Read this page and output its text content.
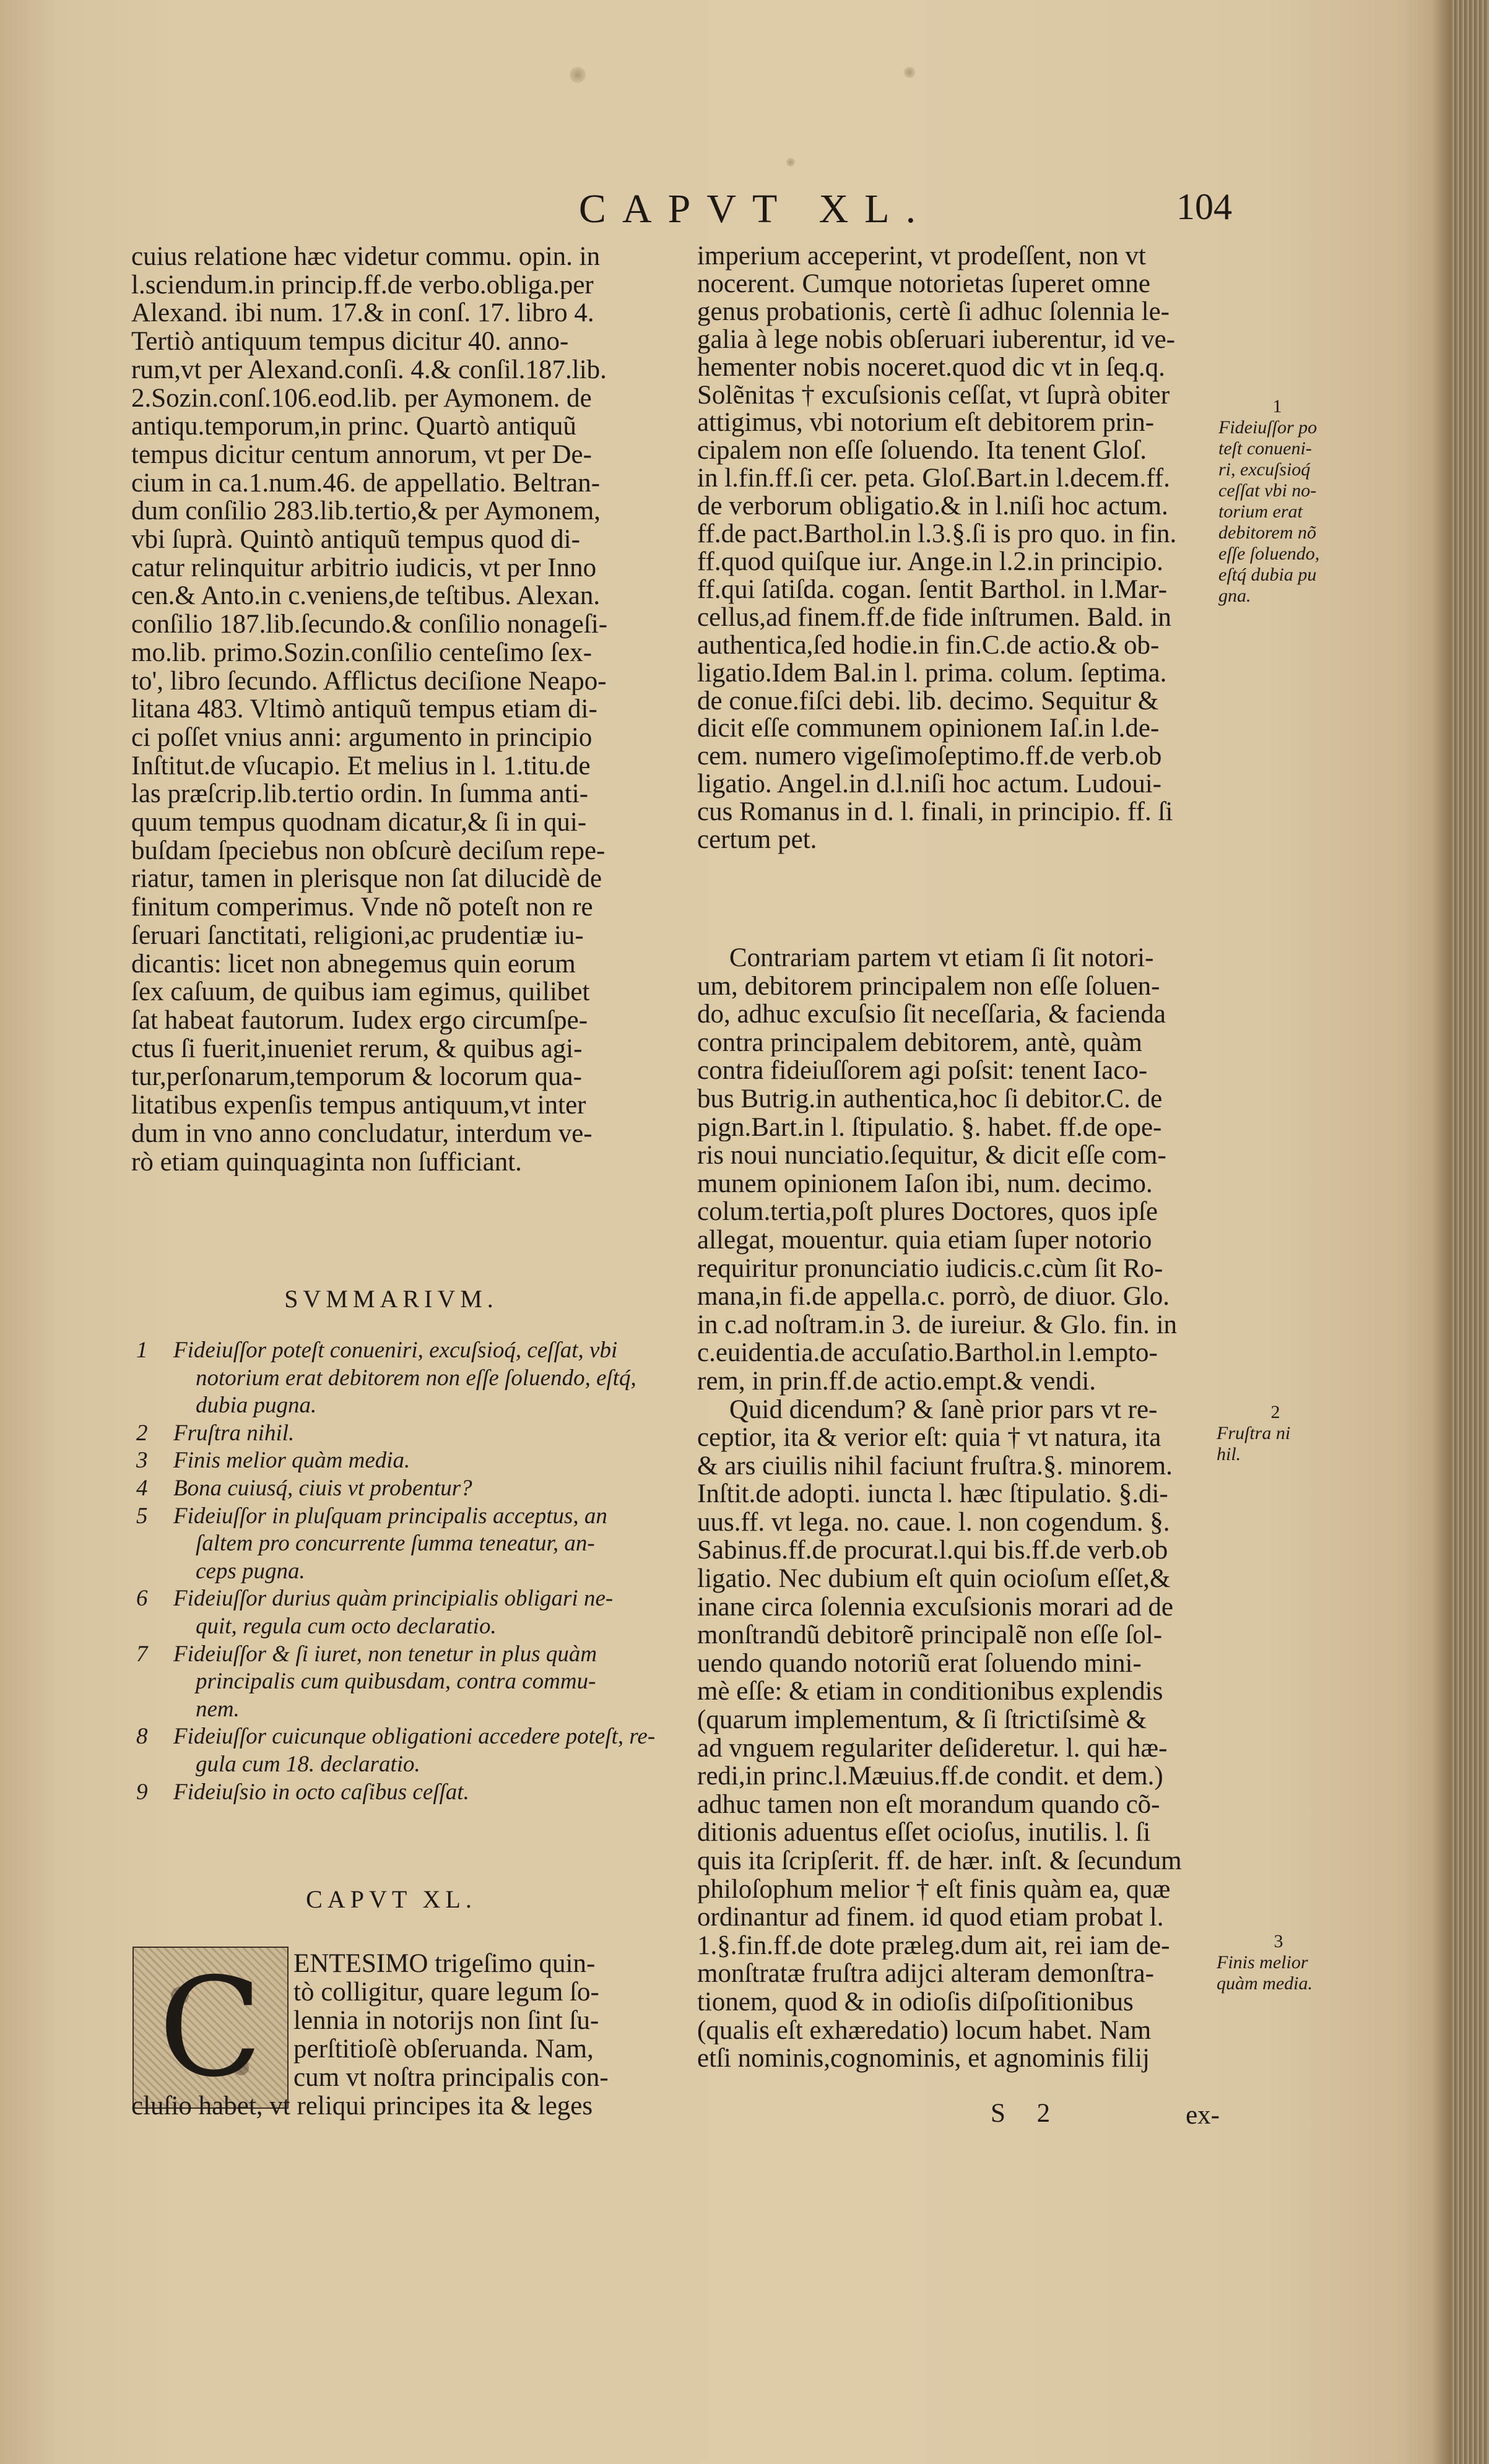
CAPVT XL.	104
cuius relatione hæc videtur commu. opin. in
l.sciendum.in princip.ff.de verbo.obliga.per
Alexand. ibi num. 17.& in conſ. 17. libro 4.
Tertiò antiquum tempus dicitur 40. anno-
rum,vt per Alexand.conſi. 4.& conſil.187.lib.
2.Sozin.conſ.106.eod.lib. per Aymonem. de
antiqu.temporum,in princ. Quartò antiquũ
tempus dicitur centum annorum, vt per De-
cium in ca.1.num.46. de appellatio. Beltran-
dum conſilio 283.lib.tertio,& per Aymonem,
vbi ſuprà. Quintò antiquũ tempus quod di-
catur relinquitur arbitrio iudicis, vt per Inno
cen.& Anto.in c.veniens,de teſtibus. Alexan.
conſilio 187.lib.ſecundo.& conſilio nonageſi-
mo.lib. primo.Sozin.conſilio centeſimo ſex-
to', libro ſecundo. Afflictus deciſione Neapo-
litana 483. Vltimò antiquũ tempus etiam di-
ci poſſet vnius anni: argumento in principio
Inſtitut.de vſucapio. Et melius in l. 1.titu.de
las præſcrip.lib.tertio ordin. In ſumma anti-
quum tempus quodnam dicatur,& ſi in qui-
buſdam ſpeciebus non obſcurè deciſum repe-
riatur, tamen in plerisque non ſat dilucidè de
finitum comperimus. Vnde nõ poteſt non re
ſeruari ſanctitati, religioni,ac prudentiæ iu-
dicantis: licet non abnegemus quin eorum
ſex caſuum, de quibus iam egimus, quilibet
ſat habeat fautorum. Iudex ergo circumſpe-
ctus ſi fuerit,inueniet rerum, & quibus agi-
tur,perſonarum,temporum & locorum qua-
litatibus expenſis tempus antiquum,vt inter
dum in vno anno concludatur, interdum ve-
rò etiam quinquaginta non ſufficiant.
imperium acceperint, vt prodeſſent, non vt
nocerent. Cumque notorietas ſuperet omne
genus probationis, certè ſi adhuc ſolennia le-
galia à lege nobis obſeruari iuberentur, id ve-
hementer nobis noceret.quod dic vt in ſeq.q.
Solẽnitas † excuſsionis ceſſat, vt ſuprà obiter
attigimus, vbi notorium eſt debitorem prin-
cipalem non eſſe ſoluendo. Ita tenent Gloſ.
in l.fin.ff.ſi cer. peta. Gloſ.Bart.in l.decem.ff.
de verborum obligatio.& in l.niſi hoc actum.
ff.de pact.Barthol.in l.3.§.ſi is pro quo. in fin.
ff.quod quiſque iur. Ange.in l.2.in principio.
ff.qui ſatiſda. cogan. ſentit Barthol. in l.Mar-
cellus,ad finem.ff.de fide inſtrumen. Bald. in
authentica,ſed hodie.in fin.C.de actio.& ob-
ligatio.Idem Bal.in l. prima. colum. ſeptima.
de conue.fiſci debi. lib. decimo. Sequitur &
dicit eſſe communem opinionem Iaſ.in l.de-
cem. numero vigeſimoſeptimo.ff.de verb.ob
ligatio. Angel.in d.l.niſi hoc actum. Ludoui-
cus Romanus in d. l. finali, in principio. ff. ſi
certum pet.
Contrariam partem vt etiam ſi ſit notori-
um, debitorem principalem non eſſe ſoluen-
do, adhuc excuſsio ſit neceſſaria, & facienda
contra principalem debitorem, antè, quàm
contra fideiuſſorem agi poſsit: tenent Iaco-
bus Butrig.in authentica,hoc ſi debitor.C. de
pign.Bart.in l. ſtipulatio. §. habet. ff.de ope-
ris noui nunciatio.ſequitur, & dicit eſſe com-
munem opinionem Iaſon ibi, num. decimo.
colum.tertia,poſt plures Doctores, quos ipſe
allegat, mouentur. quia etiam ſuper notorio
requiritur pronunciatio iudicis.c.cùm ſit Ro-
mana,in fi.de appella.c. porrò, de diuor. Glo.
in c.ad noſtram.in 3. de iureiur. & Glo. fin. in
c.euidentia.de accuſatio.Barthol.in l.empto-
rem, in prin.ff.de actio.empt.& vendi.
Quid dicendum? & ſanè prior pars vt re-
ceptior, ita & verior eſt: quia † vt natura, ita
& ars ciuilis nihil faciunt fruſtra.§. minorem.
Inſtit.de adopti. iuncta l. hæc ſtipulatio. §.di-
uus.ff. vt lega. no. caue. l. non cogendum. §.
Sabinus.ff.de procurat.l.qui bis.ff.de verb.ob
ligatio. Nec dubium eſt quin ocioſum eſſet,&
inane circa ſolennia excuſsionis morari ad de
monſtrandũ debitorẽ principalẽ non eſſe ſol-
uendo quando notoriũ erat ſoluendo mini-
mè eſſe: & etiam in conditionibus explendis
(quarum implementum, & ſi ſtrictiſsimè &
ad vnguem regulariter deſideretur. l. qui hæ-
redi,in princ.l.Mæuius.ff.de condit. et dem.)
adhuc tamen non eſt morandum quando cõ-
ditionis aduentus eſſet ocioſus, inutilis. l. ſi
quis ita ſcripſerit. ff. de hær. inſt. & ſecundum
philoſophum melior † eſt finis quàm ea, quæ
ordinantur ad finem. id quod etiam probat l.
1.§.fin.ff.de dote præleg.dum ait, rei iam de-
monſtratæ fruſtra adijci alteram demonſtra-
tionem, quod & in odioſis diſpoſitionibus
(qualis eſt exhæredatio) locum habet. Nam
etſi nominis,cognominis, et agnominis filij
SVMMARIVM.
1 Fideiuſſor poteſt conueniri, excuſsioq́, ceſſat, vbi
notorium erat debitorem non eſſe ſoluendo, eſtq́,
dubia pugna.
2 Fruſtra nihil.
3 Finis melior quàm media.
4 Bona cuiusq́, ciuis vt probentur?
5 Fideiuſſor in pluſquam principalis acceptus, an
ſaltem pro concurrente ſumma teneatur, an-
ceps pugna.
6 Fideiuſſor durius quàm principialis obligari ne-
quit, regula cum octo declaratio.
7 Fideiuſſor & ſi iuret, non tenetur in plus quàm
principalis cum quibusdam, contra commu-
nem.
8 Fideiuſſor cuicunque obligationi accedere poteſt, re-
gula cum 18. declaratio.
9 Fideiuſsio in octo caſibus ceſſat.
CAPVT XL.
C	ENTESIMO trigeſimo quin-
tò colligitur, quare legum ſo-
lennia in notorijs non ſint ſu-
perſtitioſè obſeruanda. Nam,
cum vt noſtra principalis con-
cluſio habet, vt reliqui principes ita & leges
1
Fideiuſſor po
teſt conueni-
ri, excuſsioq́
ceſſat vbi no-
torium erat
debitorem nõ
eſſe ſoluendo,
eſtq́ dubia pu
gna.
2
Fruſtra ni
hil.
3
Finis melior
quàm media.
S 2	ex-
